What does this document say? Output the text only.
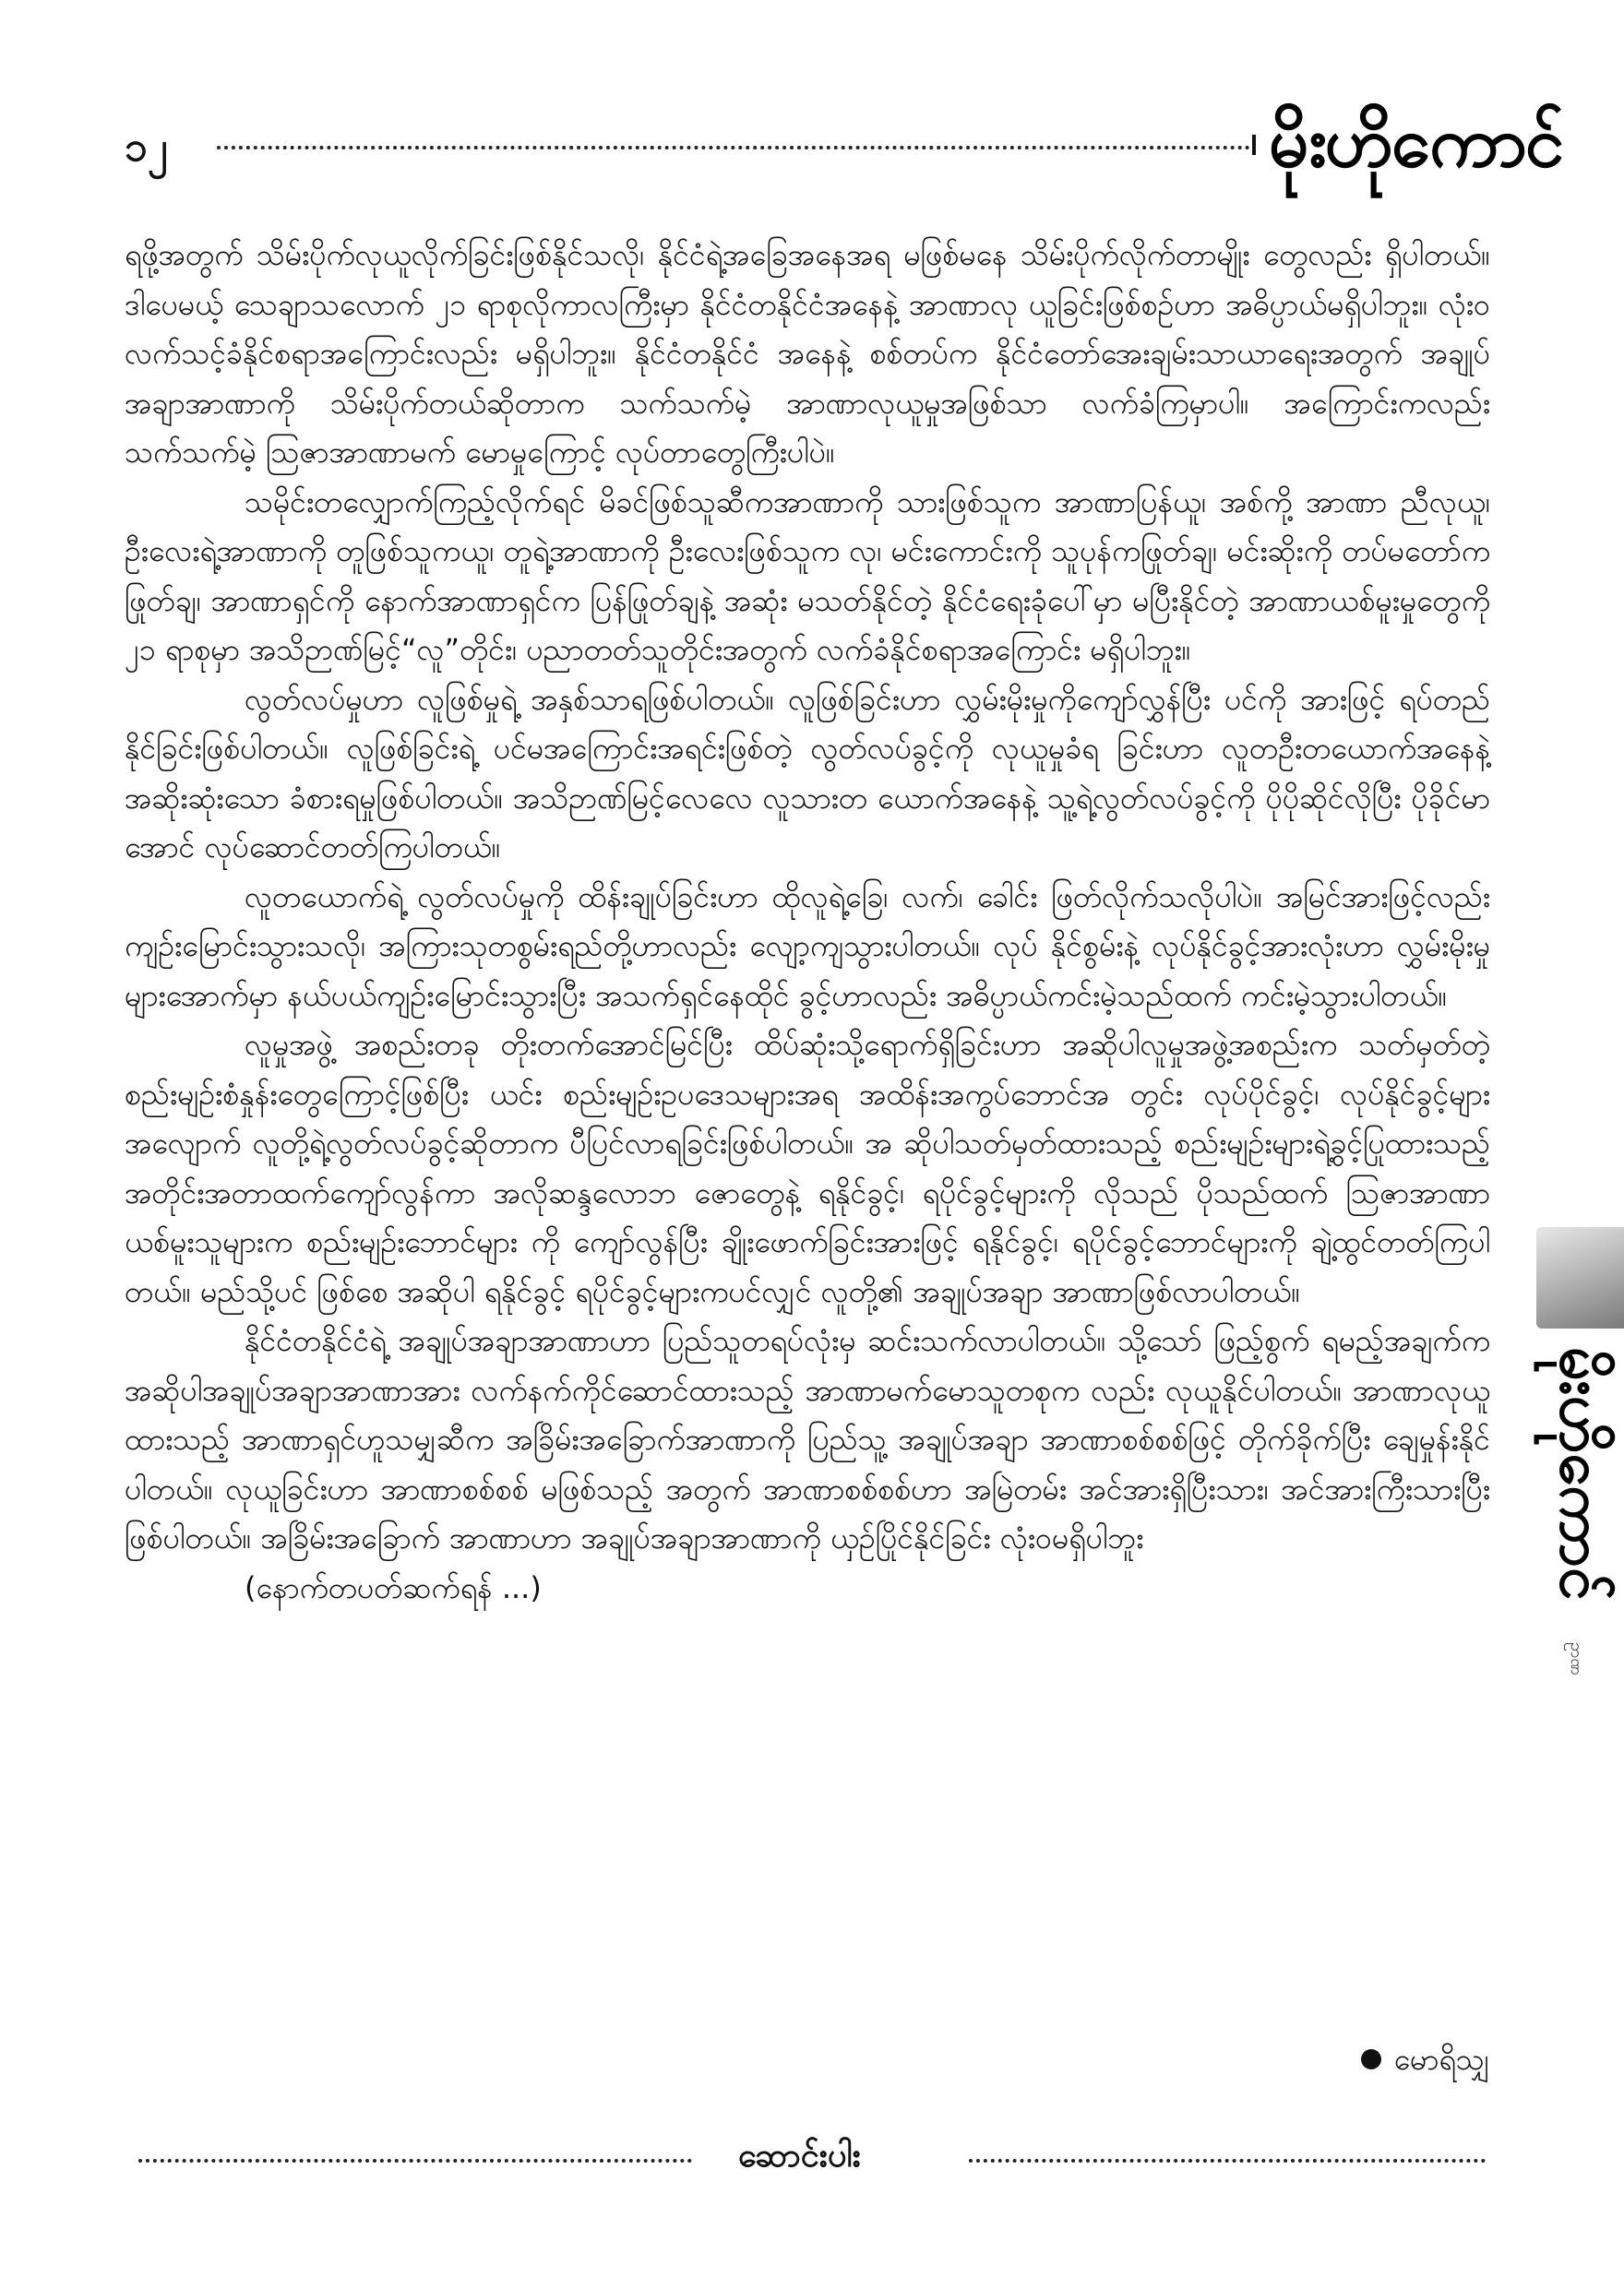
၁၂	မိုးဟိုကောင်

ရဖို့အတွက် သိမ်းပိုက်လုယူလိုက်ခြင်းဖြစ်နိုင်သလို၊ နိုင်ငံရဲ့အခြေအနေအရ မဖြစ်မနေ သိမ်းပိုက်လိုက်တာမျိုး တွေလည်း ရှိပါတယ်။ ဒါပေမယ့် သေချာသလောက် ၂၁ ရာစုလိုကာလကြီးမှာ နိုင်ငံတနိုင်ငံအနေနဲ့ အာဏာလု ယူခြင်းဖြစ်စဉ်ဟာ အဓိပ္ပာယ်မရှိပါဘူး။ လုံး၀ လက်သင့်ခံနိုင်စရာအကြောင်းလည်း မရှိပါဘူး။ နိုင်ငံတနိုင်ငံ အနေနဲ့ စစ်တပ်က နိုင်ငံတော်အေးချမ်းသာယာရေးအတွက် အချုပ်အချာအာဏာကို သိမ်းပိုက်တယ်ဆိုတာက သက်သက်မဲ့ အာဏာလုယူမှုအဖြစ်သာ လက်ခံကြမှာပါ။ အကြောင်းကလည်း သက်သက်မဲ့ ဩဇာအာဏာမက် မောမှုကြောင့် လုပ်တာတွေကြီးပါပဲ။

သမိုင်းတလျှောက်ကြည့်လိုက်ရင် မိခင်ဖြစ်သူဆီကအာဏာကို သားဖြစ်သူက အာဏာပြန်ယူ၊ အစ်ကို့ အာဏာ ညီလုယူ၊ ဦးလေးရဲ့အာဏာကို တူဖြစ်သူကယူ၊ တူရဲ့အာဏာကို ဦးလေးဖြစ်သူက လု၊ မင်းကောင်းကို သူပုန်ကဖြုတ်ချ၊ မင်းဆိုးကို တပ်မတော်က ဖြုတ်ချ၊ အာဏာရှင်ကို နောက်အာဏာရှင်က ပြန်ဖြုတ်ချနဲ့ အဆုံး မသတ်နိုင်တဲ့ နိုင်ငံရေးခုံပေါ်မှာ မပြီးနိုင်တဲ့ အာဏာယစ်မူးမှုတွေကို ၂၁ ရာစုမှာ အသိဉာဏ်မြင့်“လူ”တိုင်း၊ ပညာတတ်သူတိုင်းအတွက် လက်ခံနိုင်စရာအကြောင်း မရှိပါဘူး။

လွတ်လပ်မှုဟာ လူဖြစ်မှုရဲ့ အနှစ်သာရဖြစ်ပါတယ်။ လူဖြစ်ခြင်းဟာ လွှမ်းမိုးမှုကိုကျော်လွှန်ပြီး ပင်ကို အားဖြင့် ရပ်တည်နိုင်ခြင်းဖြစ်ပါတယ်။ လူဖြစ်ခြင်းရဲ့ ပင်မအကြောင်းအရင်းဖြစ်တဲ့ လွတ်လပ်ခွင့်ကို လုယူမှုခံရ ခြင်းဟာ လူတဦးတယောက်အနေနဲ့ အဆိုးဆုံးသော ခံစားရမှုဖြစ်ပါတယ်။ အသိဉာဏ်မြင့်လေလေ လူသားတ ယောက်အနေနဲ့ သူ့ရဲ့လွတ်လပ်ခွင့်ကို ပိုပိုဆိုင်လိုပြီး ပိုခိုင်မာအောင် လုပ်ဆောင်တတ်ကြပါတယ်။

လူတယောက်ရဲ့ လွတ်လပ်မှုကို ထိန်းချုပ်ခြင်းဟာ ထိုလူရဲ့ခြေ၊ လက်၊ ခေါင်း ဖြတ်လိုက်သလိုပါပဲ။ အမြင်အားဖြင့်လည်း ကျဉ်းမြောင်းသွားသလို၊ အကြားသုတစွမ်းရည်တို့ဟာလည်း လျော့ကျသွားပါတယ်။ လုပ် နိုင်စွမ်းနဲ့ လုပ်နိုင်ခွင့်အားလုံးဟာ လွှမ်းမိုးမှုများအောက်မှာ နယ်ပယ်ကျဉ်းမြောင်းသွားပြီး အသက်ရှင်နေထိုင် ခွင့်ဟာလည်း အဓိပ္ပာယ်ကင်းမဲ့သည်ထက် ကင်းမဲ့သွားပါတယ်။

လူမှုအဖွဲ့ အစည်းတခု တိုးတက်အောင်မြင်ပြီး ထိပ်ဆုံးသို့ရောက်ရှိခြင်းဟာ အဆိုပါလူမှုအဖွဲ့အစည်းက သတ်မှတ်တဲ့ စည်းမျဉ်းစံနှုန်းတွေကြောင့်ဖြစ်ပြီး ယင်း စည်းမျဉ်းဥပဒေသများအရ အထိန်းအကွပ်ဘောင်အ တွင်း လုပ်ပိုင်ခွင့်၊ လုပ်နိုင်ခွင့်များအလျောက် လူတို့ရဲ့လွတ်လပ်ခွင့်ဆိုတာက ပီပြင်လာရခြင်းဖြစ်ပါတယ်။ အ ဆိုပါသတ်မှတ်ထားသည့် စည်းမျဉ်းများရဲ့ခွင့်ပြုထားသည့် အတိုင်းအတာထက်ကျော်လွန်ကာ အလိုဆန္ဒလောဘ ဇောတွေနဲ့ ရနိုင်ခွင့်၊ ရပိုင်ခွင့်များကို လိုသည် ပိုသည်ထက် ဩဇာအာဏာယစ်မူးသူများက စည်းမျဉ်းဘောင်များ ကို ကျော်လွန်ပြီး ချိုးဖောက်ခြင်းအားဖြင့် ရနိုင်ခွင့်၊ ရပိုင်ခွင့်ဘောင်များကို ချဲ့ထွင်တတ်ကြပါတယ်။ မည်သို့ပင် ဖြစ်စေ အဆိုပါ ရနိုင်ခွင့် ရပိုင်ခွင့်များကပင်လျှင် လူတို့၏ အချုပ်အချာ အာဏာဖြစ်လာပါတယ်။

နိုင်ငံတနိုင်ငံရဲ့ အချုပ်အချာအာဏာဟာ ပြည်သူတရပ်လုံးမှ ဆင်းသက်လာပါတယ်။ သို့သော် ဖြည့်စွက် ရမည့်အချက်က အဆိုပါအချုပ်အချာအာဏာအား လက်နက်ကိုင်ဆောင်ထားသည့် အာဏာမက်မောသူတစုက လည်း လုယူနိုင်ပါတယ်။ အာဏာလုယူထားသည့် အာဏာရှင်ဟူသမျှဆီက အခြိမ်းအခြောက်အာဏာကို ပြည်သူ့ အချုပ်အချာ အာဏာစစ်စစ်ဖြင့် တိုက်ခိုက်ပြီး ချေမှုန်းနိုင်ပါတယ်။ လုယူခြင်းဟာ အာဏာစစ်စစ် မဖြစ်သည့် အတွက် အာဏာစစ်စစ်ဟာ အမြဲတမ်း အင်အားရှိပြီးသား၊ အင်အားကြီးသားပြီးဖြစ်ပါတယ်။ အခြိမ်းအခြောက် အာဏာဟာ အချုပ်အချာအာဏာကို ယှဉ်ပြိုင်နိုင်ခြင်း လုံး၀မရှိပါဘူး

(နောက်တပတ်ဆက်ရန် ...)

မောရိသျှ
ဆောင်းပါး
မိုးဟိုကောင်
ဥာဏ
